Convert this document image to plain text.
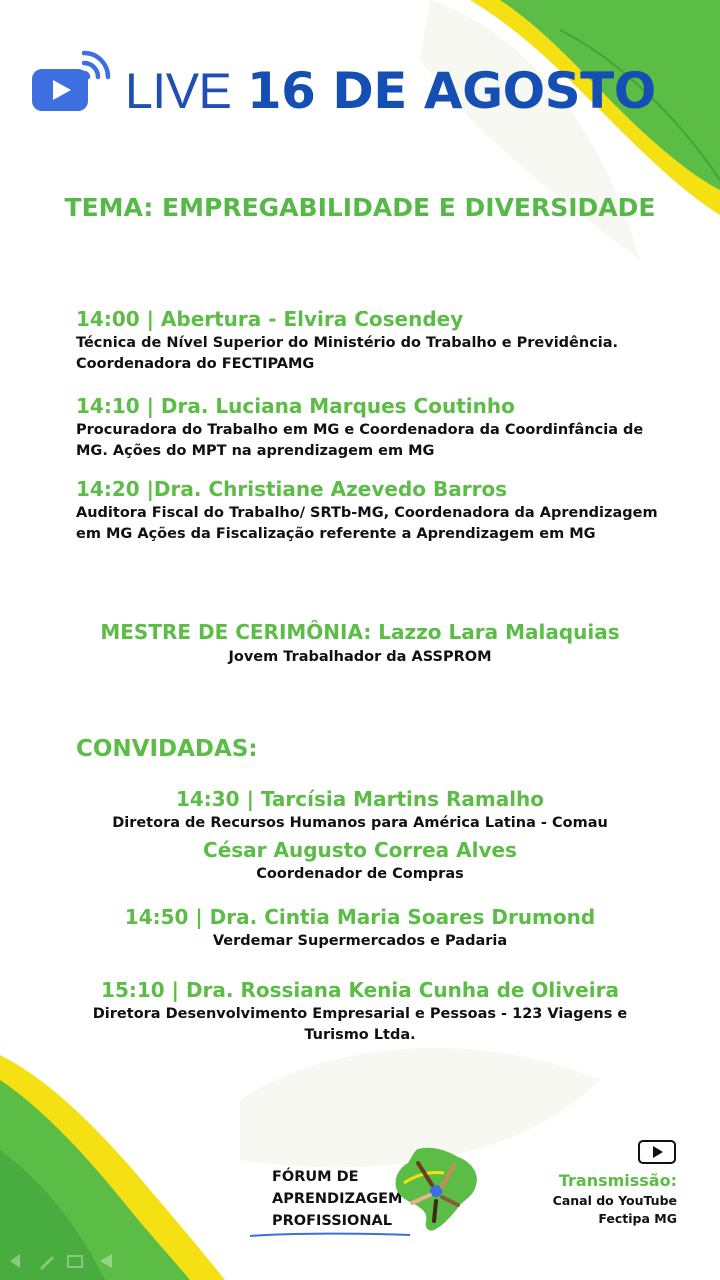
LIVE 16 DE AGOSTO
TEMA: EMPREGABILIDADE E DIVERSIDADE
14:00 | Abertura - Elvira Cosendey
Técnica de Nível Superior do Ministério do Trabalho e Previdência.
Coordenadora do FECTIPAMG
14:10 | Dra. Luciana Marques Coutinho
Procuradora do Trabalho em MG e Coordenadora da Coordinfância de
MG. Ações do MPT na aprendizagem em MG
14:20 |Dra. Christiane Azevedo Barros
Auditora Fiscal do Trabalho/ SRTb-MG, Coordenadora da Aprendizagem
em MG Ações da Fiscalização referente a Aprendizagem em MG
MESTRE DE CERIMÔNIA: Lazzo Lara Malaquias
Jovem Trabalhador da ASSPROM
CONVIDADAS:
14:30 | Tarcísia Martins Ramalho
Diretora de Recursos Humanos para América Latina - Comau
César Augusto Correa Alves
Coordenador de Compras
14:50 | Dra. Cintia Maria Soares Drumond
Verdemar Supermercados e Padaria
15:10 | Dra. Rossiana Kenia Cunha de Oliveira
Diretora Desenvolvimento Empresarial e Pessoas - 123 Viagens e
Turismo Ltda.
FÓRUM DE
APRENDIZAGEM
PROFISSIONAL
Transmissão:
Canal do YouTube
Fectipa MG
